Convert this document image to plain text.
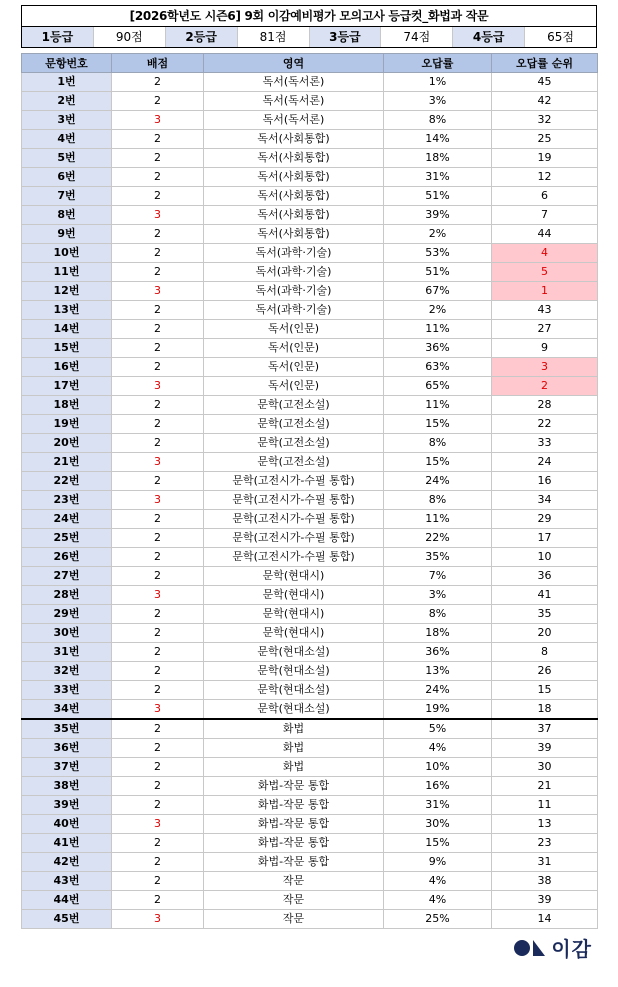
[2026학년도 시즌6] 9회 이감예비평가 모의고사 등급컷_화법과 작문
1등급	90점	2등급	81점	3등급	74점	4등급	65점
문항번호	배점	영역	오답률	오답률 순위
1번	2	독서(독서론)	1%	45
2번	2	독서(독서론)	3%	42
3번	3	독서(독서론)	8%	32
4번	2	독서(사회통합)	14%	25
5번	2	독서(사회통합)	18%	19
6번	2	독서(사회통합)	31%	12
7번	2	독서(사회통합)	51%	6
8번	3	독서(사회통합)	39%	7
9번	2	독서(사회통합)	2%	44
10번	2	독서(과학·기술)	53%	4
11번	2	독서(과학·기술)	51%	5
12번	3	독서(과학·기술)	67%	1
13번	2	독서(과학·기술)	2%	43
14번	2	독서(인문)	11%	27
15번	2	독서(인문)	36%	9
16번	2	독서(인문)	63%	3
17번	3	독서(인문)	65%	2
18번	2	문학(고전소설)	11%	28
19번	2	문학(고전소설)	15%	22
20번	2	문학(고전소설)	8%	33
21번	3	문학(고전소설)	15%	24
22번	2	문학(고전시가-수필 통합)	24%	16
23번	3	문학(고전시가-수필 통합)	8%	34
24번	2	문학(고전시가-수필 통합)	11%	29
25번	2	문학(고전시가-수필 통합)	22%	17
26번	2	문학(고전시가-수필 통합)	35%	10
27번	2	문학(현대시)	7%	36
28번	3	문학(현대시)	3%	41
29번	2	문학(현대시)	8%	35
30번	2	문학(현대시)	18%	20
31번	2	문학(현대소설)	36%	8
32번	2	문학(현대소설)	13%	26
33번	2	문학(현대소설)	24%	15
34번	3	문학(현대소설)	19%	18
35번	2	화법	5%	37
36번	2	화법	4%	39
37번	2	화법	10%	30
38번	2	화법-작문 통합	16%	21
39번	2	화법-작문 통합	31%	11
40번	3	화법-작문 통합	30%	13
41번	2	화법-작문 통합	15%	23
42번	2	화법-작문 통합	9%	31
43번	2	작문	4%	38
44번	2	작문	4%	39
45번	3	작문	25%	14
이감
